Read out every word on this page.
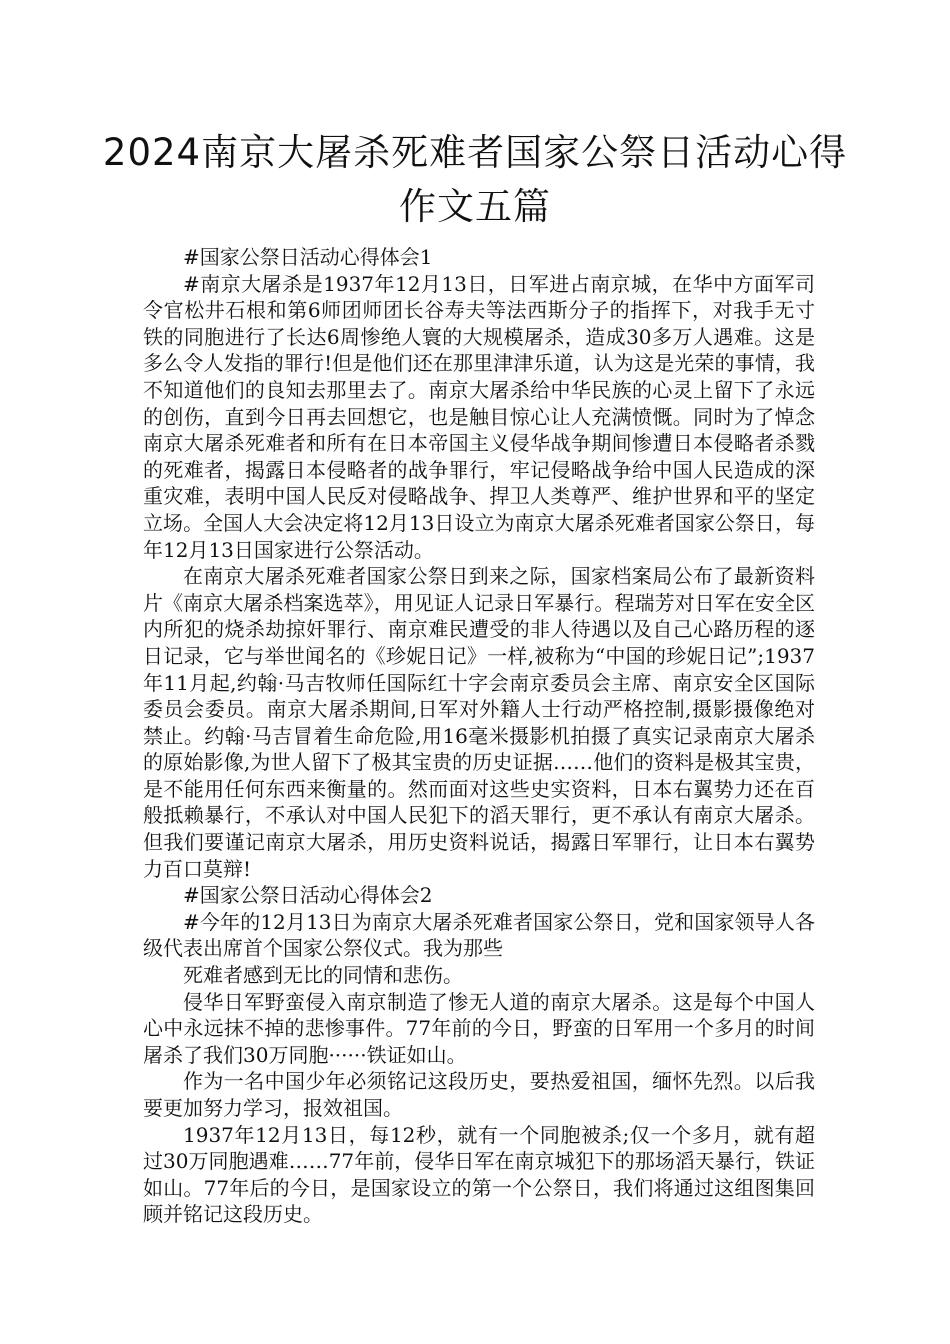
2024南京大屠杀死难者国家公祭日活动心得作文五篇

#国家公祭日活动心得体会1

#南京大屠杀是1937年12月13日，日军进占南京城，在华中方面军司令官松井石根和第6师团师团长谷寿夫等法西斯分子的指挥下，对我手无寸铁的同胞进行了长达6周惨绝人寰的大规模屠杀，造成30多万人遇难。这是多么令人发指的罪行!但是他们还在那里津津乐道，认为这是光荣的事情，我不知道他们的良知去那里去了。南京大屠杀给中华民族的心灵上留下了永远的创伤，直到今日再去回想它，也是触目惊心让人充满愤慨。同时为了悼念南京大屠杀死难者和所有在日本帝国主义侵华战争期间惨遭日本侵略者杀戮的死难者，揭露日本侵略者的战争罪行，牢记侵略战争给中国人民造成的深重灾难，表明中国人民反对侵略战争、捍卫人类尊严、维护世界和平的坚定立场。全国人大会决定将12月13日设立为南京大屠杀死难者国家公祭日，每年12月13日国家进行公祭活动。

在南京大屠杀死难者国家公祭日到来之际，国家档案局公布了最新资料片《南京大屠杀档案选萃》，用见证人记录日军暴行。程瑞芳对日军在安全区内所犯的烧杀劫掠奸罪行、南京难民遭受的非人待遇以及自己心路历程的逐日记录，它与举世闻名的《珍妮日记》一样,被称为“中国的珍妮日记”;1937年11月起,约翰·马吉牧师任国际红十字会南京委员会主席、南京安全区国际委员会委员。南京大屠杀期间,日军对外籍人士行动严格控制,摄影摄像绝对禁止。约翰·马吉冒着生命危险,用16毫米摄影机拍摄了真实记录南京大屠杀的原始影像,为世人留下了极其宝贵的历史证据……他们的资料是极其宝贵，是不能用任何东西来衡量的。然而面对这些史实资料，日本右翼势力还在百般抵赖暴行，不承认对中国人民犯下的滔天罪行，更不承认有南京大屠杀。但我们要谨记南京大屠杀，用历史资料说话，揭露日军罪行，让日本右翼势力百口莫辩!

#国家公祭日活动心得体会2

#今年的12月13日为南京大屠杀死难者国家公祭日，党和国家领导人各级代表出席首个国家公祭仪式。我为那些

死难者感到无比的同情和悲伤。

侵华日军野蛮侵入南京制造了惨无人道的南京大屠杀。这是每个中国人心中永远抹不掉的悲惨事件。77年前的今日，野蛮的日军用一个多月的时间屠杀了我们30万同胞······铁证如山。

作为一名中国少年必须铭记这段历史，要热爱祖国，缅怀先烈。以后我要更加努力学习，报效祖国。

1937年12月13日，每12秒，就有一个同胞被杀;仅一个多月，就有超过30万同胞遇难……77年前，侵华日军在南京城犯下的那场滔天暴行，铁证如山。77年后的今日，是国家设立的第一个公祭日，我们将通过这组图集回顾并铭记这段历史。
